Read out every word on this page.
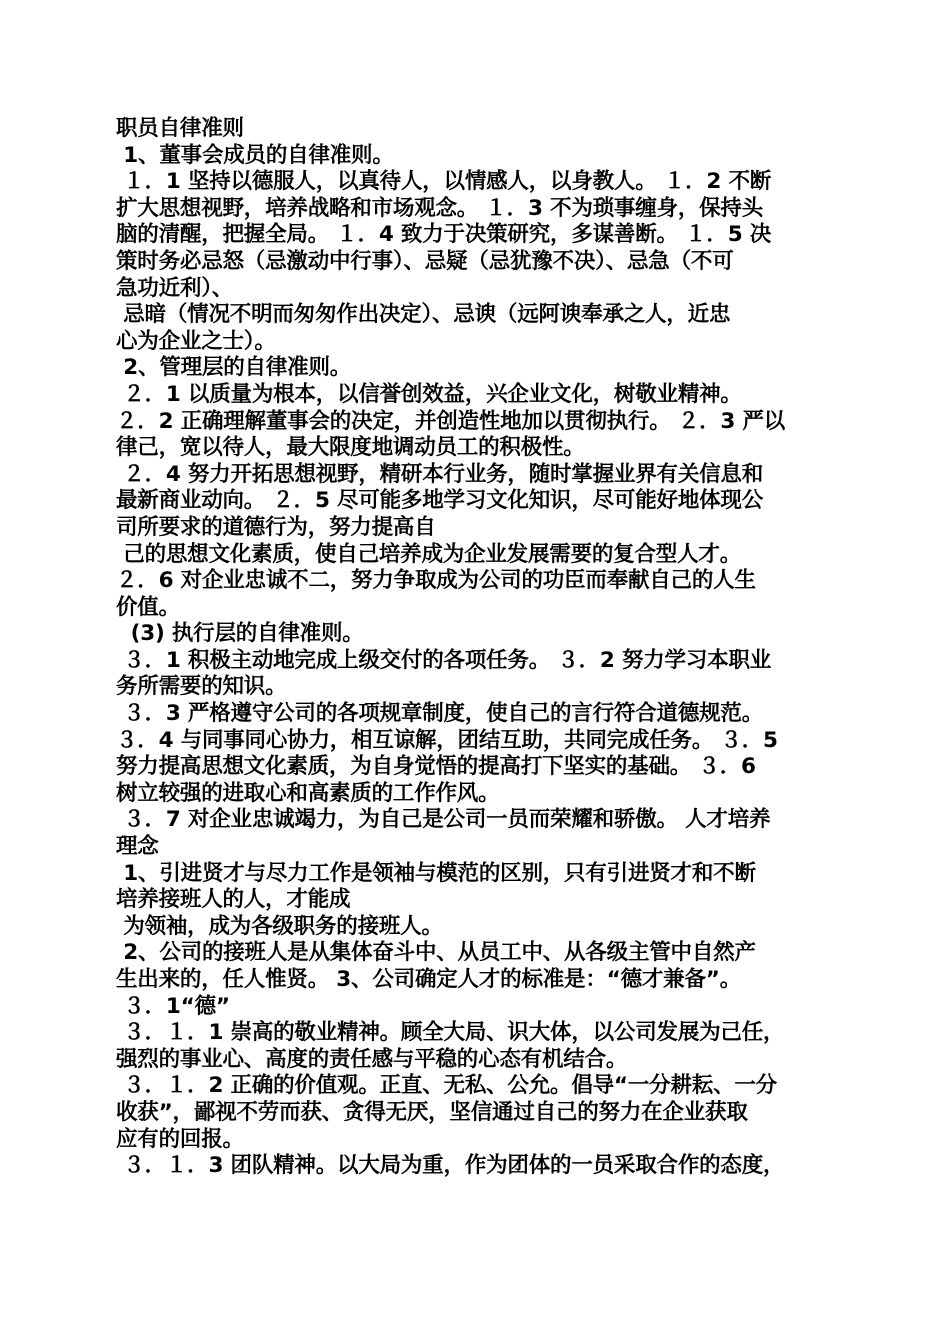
职员自律准则
1、董事会成员的自律准则。
１．1 坚持以德服人，以真待人，以情感人，以身教人。 １．2 不断
扩大思想视野，培养战略和市场观念。 １．3 不为琐事缠身，保持头
脑的清醒，把握全局。 １．4 致力于决策研究，多谋善断。 １．5 决
策时务必忌怒（忌激动中行事）、忌疑（忌犹豫不决）、忌急（不可
急功近利）、
忌暗（情况不明而匆匆作出决定）、忌谀（远阿谀奉承之人，近忠
心为企业之士）。
2、管理层的自律准则。
２．1 以质量为根本，以信誉创效益，兴企业文化，树敬业精神。
２．2 正确理解董事会的决定，并创造性地加以贯彻执行。 ２．3 严以
律己，宽以待人，最大限度地调动员工的积极性。
２．4 努力开拓思想视野，精研本行业务，随时掌握业界有关信息和
最新商业动向。 ２．5 尽可能多地学习文化知识，尽可能好地体现公
司所要求的道德行为，努力提高自
己的思想文化素质，使自己培养成为企业发展需要的复合型人才。
２．6 对企业忠诚不二，努力争取成为公司的功臣而奉献自己的人生
价值。
(3) 执行层的自律准则。
３．1 积极主动地完成上级交付的各项任务。 ３．2 努力学习本职业
务所需要的知识。
３．3 严格遵守公司的各项规章制度，使自己的言行符合道德规范。
３．4 与同事同心协力，相互谅解，团结互助，共同完成任务。 ３．5
努力提高思想文化素质，为自身觉悟的提高打下坚实的基础。 ３．6
树立较强的进取心和高素质的工作作风。
３．7 对企业忠诚竭力，为自己是公司一员而荣耀和骄傲。 人才培养
理念
1、引进贤才与尽力工作是领袖与模范的区别，只有引进贤才和不断
培养接班人的人，才能成
为领袖，成为各级职务的接班人。
2、公司的接班人是从集体奋斗中、从员工中、从各级主管中自然产
生出来的，任人惟贤。 3、公司确定人才的标准是：“德才兼备”。
３．1“德”
３．１．1 崇高的敬业精神。顾全大局、识大体，以公司发展为己任，
强烈的事业心、高度的责任感与平稳的心态有机结合。
３．１．2 正确的价值观。正直、无私、公允。倡导“一分耕耘、一分
收获”，鄙视不劳而获、贪得无厌，坚信通过自己的努力在企业获取
应有的回报。
３．１．3 团队精神。以大局为重，作为团体的一员采取合作的态度，
